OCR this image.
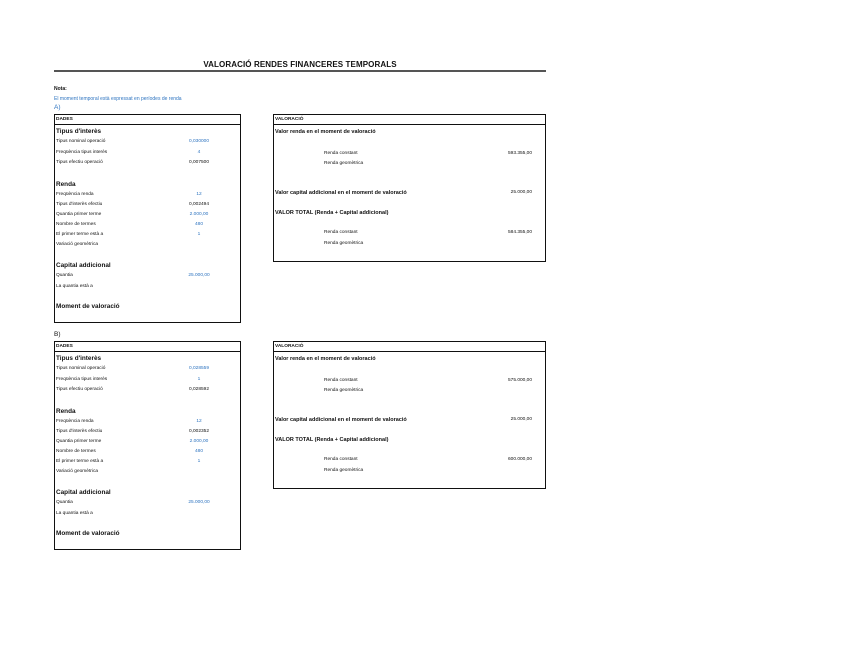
VALORACIÓ RENDES FINANCERES TEMPORALS
Nota:
El moment temporal està expressat en períodes de renda
A)
DADES
Tipus d'interès
Tipus nominal operació	0,030000
Freqüència tipus interès	4
Tipus efectiu operació	0,007500
Renda
Freqüència renda	12
Tipus d'interès efectiu	0,002494
Quantia primer terme	2.000,00
Nombre de termes	480
El primer terme està a	1
Variació geomètrica
Capital addicional
Quantia	25.000,00
La quantia està a
Moment de valoració
VALORACIÓ
Valor renda en el moment de valoració
Renda constant	593.355,00
Renda geomètrica
Valor capital addicional en el moment de valoració	25.000,00
VALOR TOTAL (Renda + Capital addicional)
Renda constant	584.355,00
Renda geomètrica
B)
DADES
Tipus d'interès
Tipus nominal operació	0,028559
Freqüència tipus interès	1
Tipus efectiu operació	0,028592
Renda
Freqüència renda	12
Tipus d'interès efectiu	0,002352
Quantia primer terme	2.000,00
Nombre de termes	480
El primer terme està a	1
Variació geomètrica
Capital addicional
Quantia	25.000,00
La quantia està a
Moment de valoració
VALORACIÓ
Valor renda en el moment de valoració
Renda constant	575.000,00
Renda geomètrica
Valor capital addicional en el moment de valoració	25.000,00
VALOR TOTAL (Renda + Capital addicional)
Renda constant	600.000,00
Renda geomètrica
